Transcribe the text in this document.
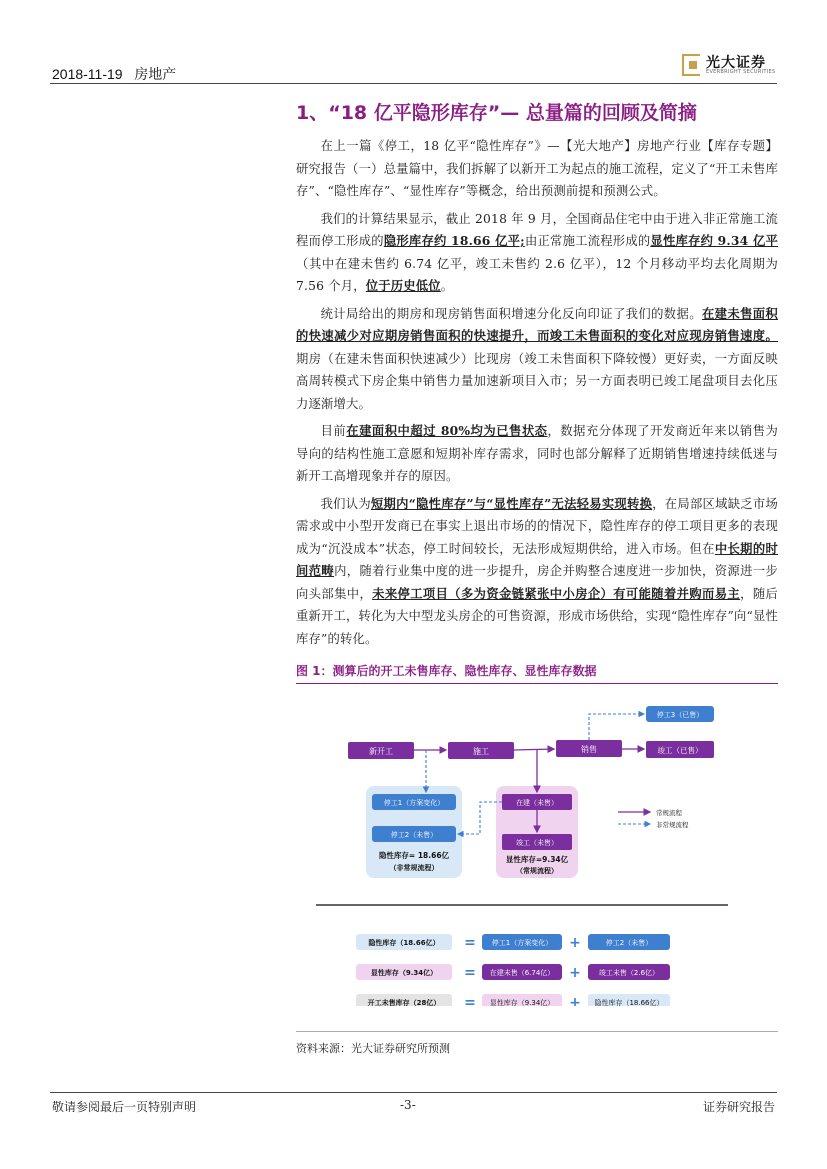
2018-11-19 房地产
光大证券
EVERBRIGHT SECURITIES
1、“18 亿平隐形库存”— 总量篇的回顾及简摘

在上一篇《停工，18 亿平“隐性库存”》—【光大地产】房地产行业【库存专题】研究报告（一）总量篇中，我们拆解了以新开工为起点的施工流程，定义了“开工未售库存”、“隐性库存”、“显性库存”等概念，给出预测前提和预测公式。

我们的计算结果显示，截止 2018 年 9 月，全国商品住宅中由于进入非正常施工流程而停工形成的隐形库存约 18.66 亿平;由正常施工流程形成的显性库存约 9.34 亿平（其中在建未售约 6.74 亿平，竣工未售约 2.6 亿平），12 个月移动平均去化周期为 7.56 个月，位于历史低位。

统计局给出的期房和现房销售面积增速分化反向印证了我们的数据。在建未售面积的快速减少对应期房销售面积的快速提升，而竣工未售面积的变化对应现房销售速度。期房（在建未售面积快速减少）比现房（竣工未售面积下降较慢）更好卖，一方面反映高周转模式下房企集中销售力量加速新项目入市；另一方面表明已竣工尾盘项目去化压力逐渐增大。

目前在建面积中超过 80%均为已售状态，数据充分体现了开发商近年来以销售为导向的结构性施工意愿和短期补库存需求，同时也部分解释了近期销售增速持续低迷与新开工高增现象并存的原因。

我们认为短期内“隐性库存”与“显性库存”无法轻易实现转换，在局部区域缺乏市场需求或中小型开发商已在事实上退出市场的的情况下，隐性库存的停工项目更多的表现成为“沉没成本”状态，停工时间较长，无法形成短期供给，进入市场。但在中长期的时间范畴内，随着行业集中度的进一步提升，房企并购整合速度进一步加快，资源进一步向头部集中，未来停工项目（多为资金链紧张中小房企）有可能随着并购而易主，随后重新开工，转化为大中型龙头房企的可售资源，形成市场供给，实现“隐性库存”向“显性库存”的转化。

图 1：测算后的开工未售库存、隐性库存、显性库存数据
新开工	施工	销售
停工3（已售）
竣工（已售）
停工1（方案变化）
停工2（未售）
隐性库存= 18.66亿
（非常规流程）
在建（未售）
竣工（未售）
显性库存=9.34亿
（常规流程）
常规流程
非常规流程
隐性库存（18.66亿） = 停工1（方案变化） +	停工2（未售）
显性库存（9.34亿） = 在建未售（6.74亿） +	竣工未售（2.6亿）
开工未售库存（28亿） = 显性库存（9.34亿） + 隐性库存（18.66亿）
资料来源：光大证券研究所预测
敬请参阅最后一页特别声明	-3-	证券研究报告
